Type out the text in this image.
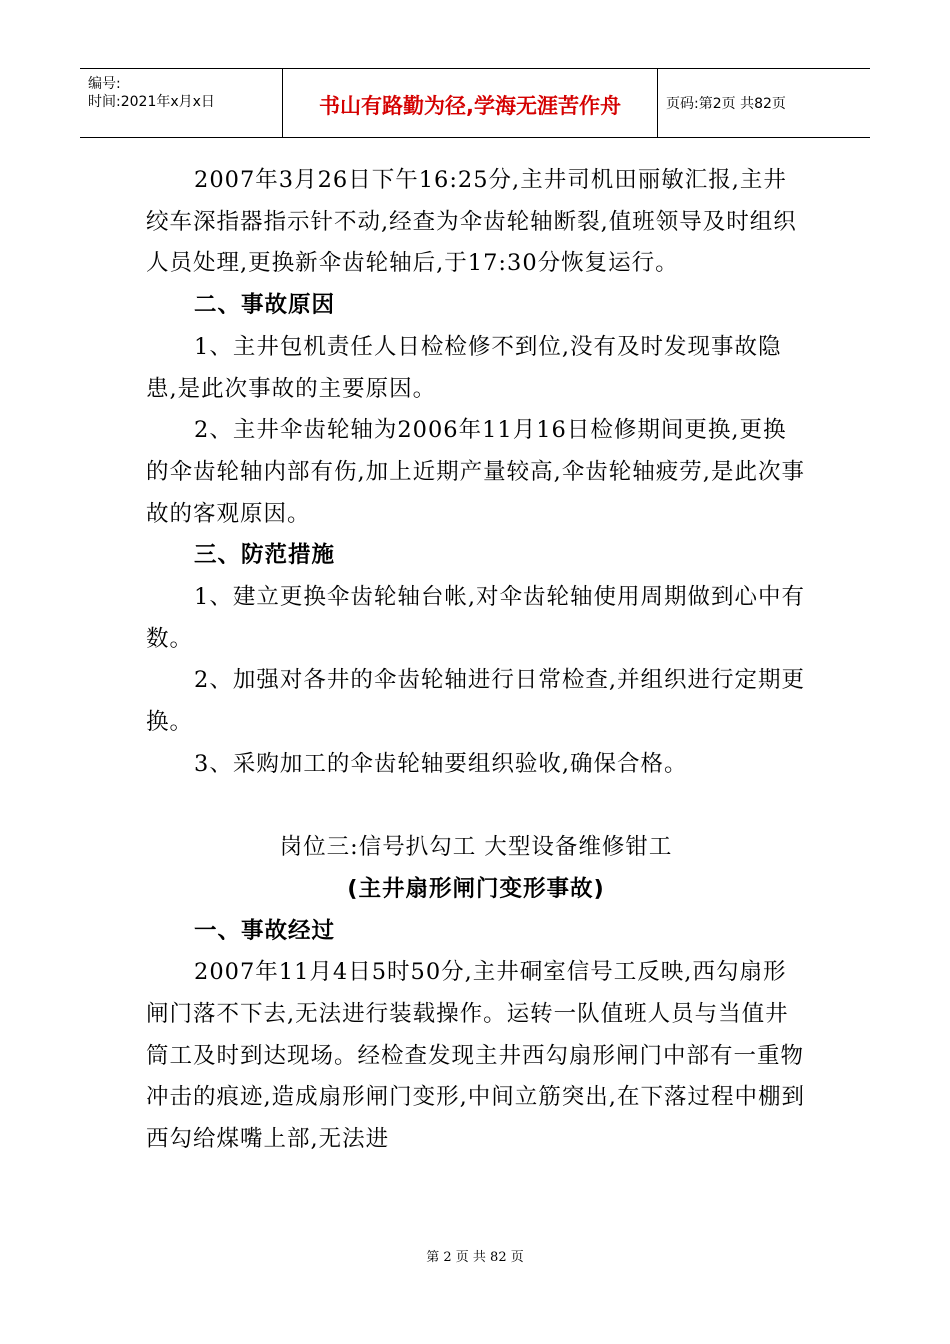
编号:
时间:2021年x月x日	书山有路勤为径,学海无涯苦作舟	页码:第2页 共82页

2007年3月26日下午16:25分,主井司机田丽敏汇报,主井绞车深指器指示针不动,经查为伞齿轮轴断裂,值班领导及时组织人员处理,更换新伞齿轮轴后,于17:30分恢复运行。

二、事故原因

1、主井包机责任人日检检修不到位,没有及时发现事故隐患,是此次事故的主要原因。

2、主井伞齿轮轴为2006年11月16日检修期间更换,更换的伞齿轮轴内部有伤,加上近期产量较高,伞齿轮轴疲劳,是此次事故的客观原因。

三、防范措施

1、建立更换伞齿轮轴台帐,对伞齿轮轴使用周期做到心中有数。

2、加强对各井的伞齿轮轴进行日常检查,并组织进行定期更换。

3、采购加工的伞齿轮轴要组织验收,确保合格。

岗位三:信号扒勾工 大型设备维修钳工

(主井扇形闸门变形事故)

一、事故经过

2007年11月4日5时50分,主井硐室信号工反映,西勾扇形闸门落不下去,无法进行装载操作。运转一队值班人员与当值井筒工及时到达现场。经检查发现主井西勾扇形闸门中部有一重物冲击的痕迹,造成扇形闸门变形,中间立筋突出,在下落过程中棚到西勾给煤嘴上部,无法进

第 2 页 共 82 页
